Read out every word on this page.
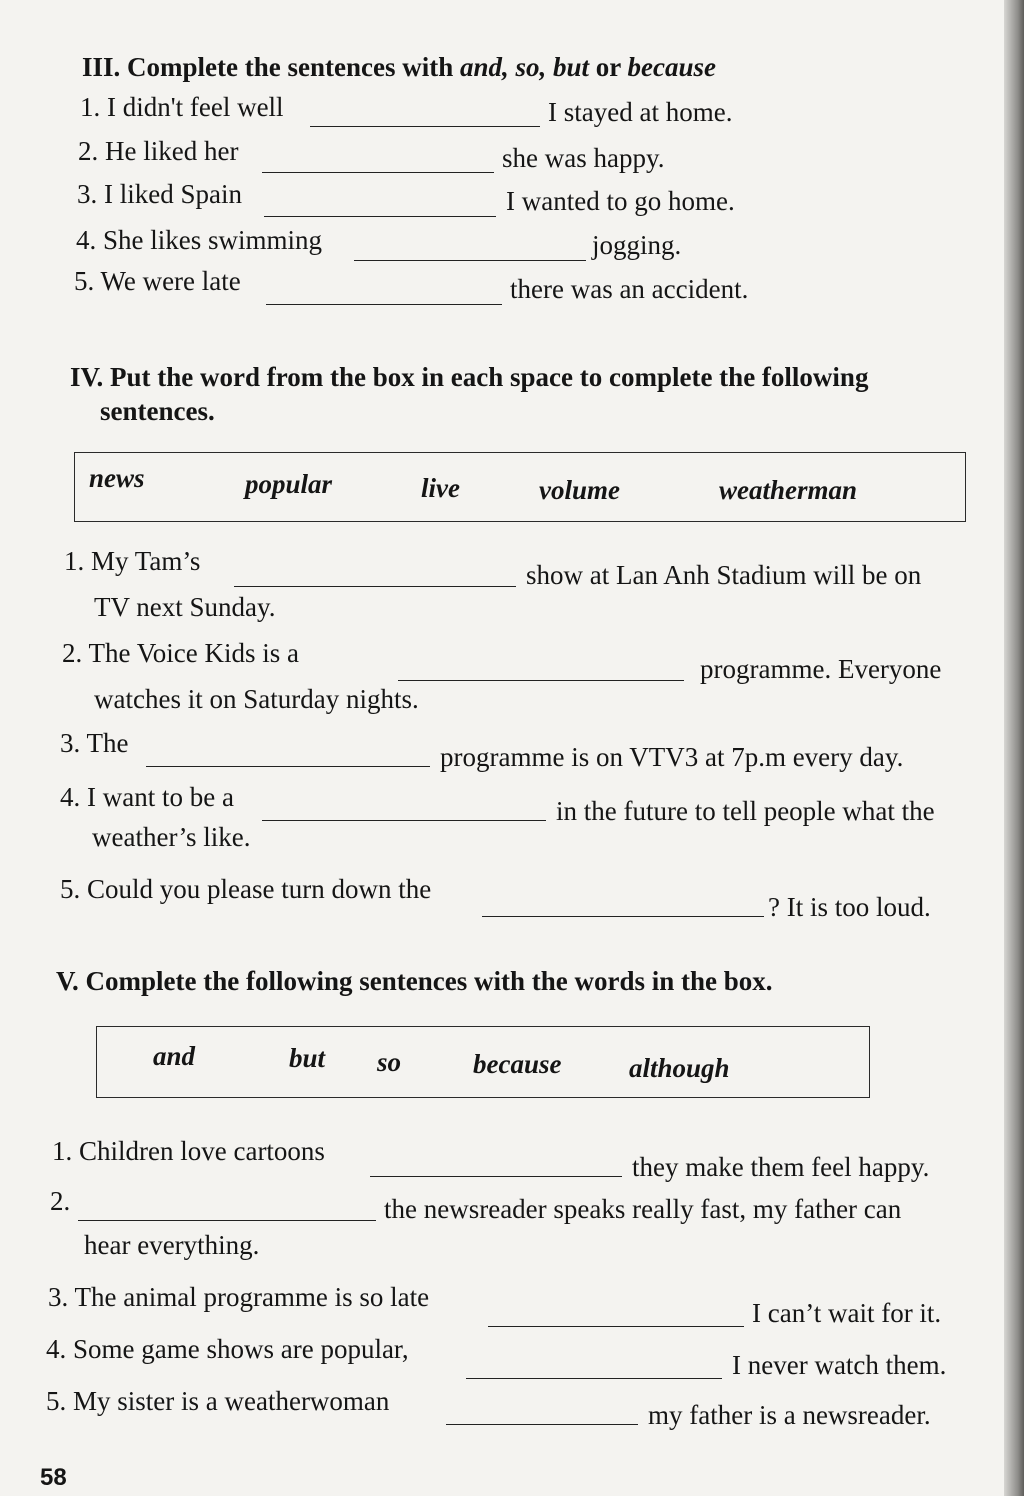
III. Complete the sentences with and, so, but or because
1. I didn't feel well	I stayed at home.
2. He liked her	she was happy.
3. I liked Spain	I wanted to go home.
4. She likes swimming	jogging.
5. We were late	there was an accident.
IV. Put the word from the box in each space to complete the following
sentences.
news	popular	live	volume	weatherman
1. My Tam’s	show at Lan Anh Stadium will be on
TV next Sunday.
2. The Voice Kids is a
programme. Everyone
watches it on Saturday nights.
3. The	programme is on VTV3 at 7p.m every day.
4. I want to be a	in the future to tell people what the
weather’s like.
5. Could you please turn down the
? It is too loud.
V. Complete the following sentences with the words in the box.
and	but so	because	although
1. Children love cartoons
they make them feel happy.
2.	the newsreader speaks really fast, my father can
hear everything.
3. The animal programme is so late
I can’t wait for it.
4. Some game shows are popular,
I never watch them.
5. My sister is a weatherwoman	my father is a newsreader.
58
